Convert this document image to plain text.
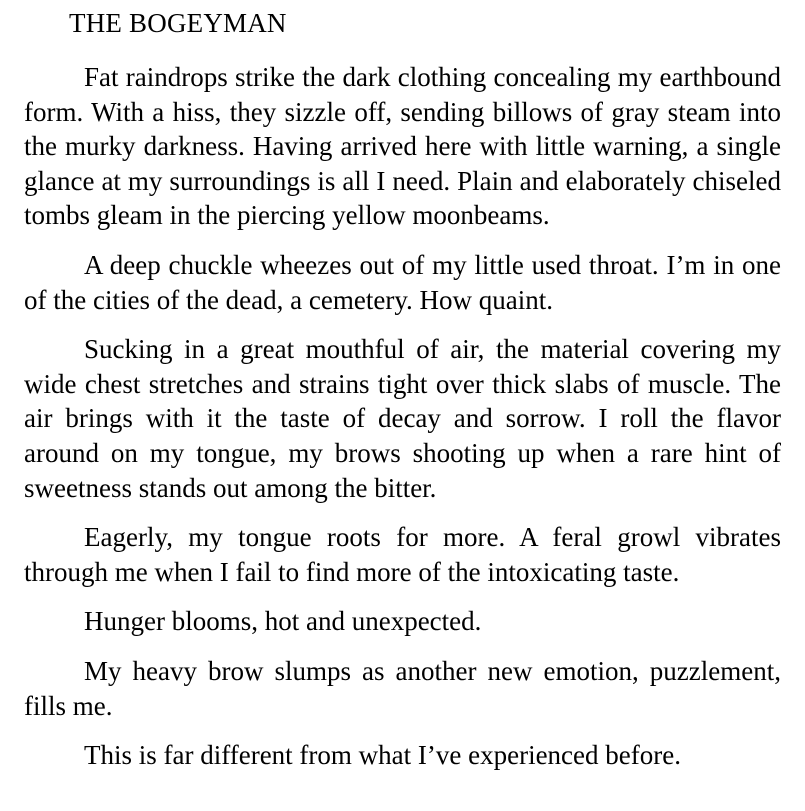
THE BOGEYMAN

Fat raindrops strike the dark clothing concealing my earthbound form. With a hiss, they sizzle off, sending billows of gray steam into the murky darkness. Having arrived here with little warning, a single glance at my surroundings is all I need. Plain and elaborately chiseled tombs gleam in the piercing yellow moonbeams.

A deep chuckle wheezes out of my little used throat. I’m in one of the cities of the dead, a cemetery. How quaint.

Sucking in a great mouthful of air, the material covering my wide chest stretches and strains tight over thick slabs of muscle. The air brings with it the taste of decay and sorrow. I roll the flavor around on my tongue, my brows shooting up when a rare hint of sweetness stands out among the bitter.

Eagerly, my tongue roots for more. A feral growl vibrates through me when I fail to find more of the intoxicating taste.

Hunger blooms, hot and unexpected.

My heavy brow slumps as another new emotion, puzzlement, fills me.

This is far different from what I’ve experienced before.
